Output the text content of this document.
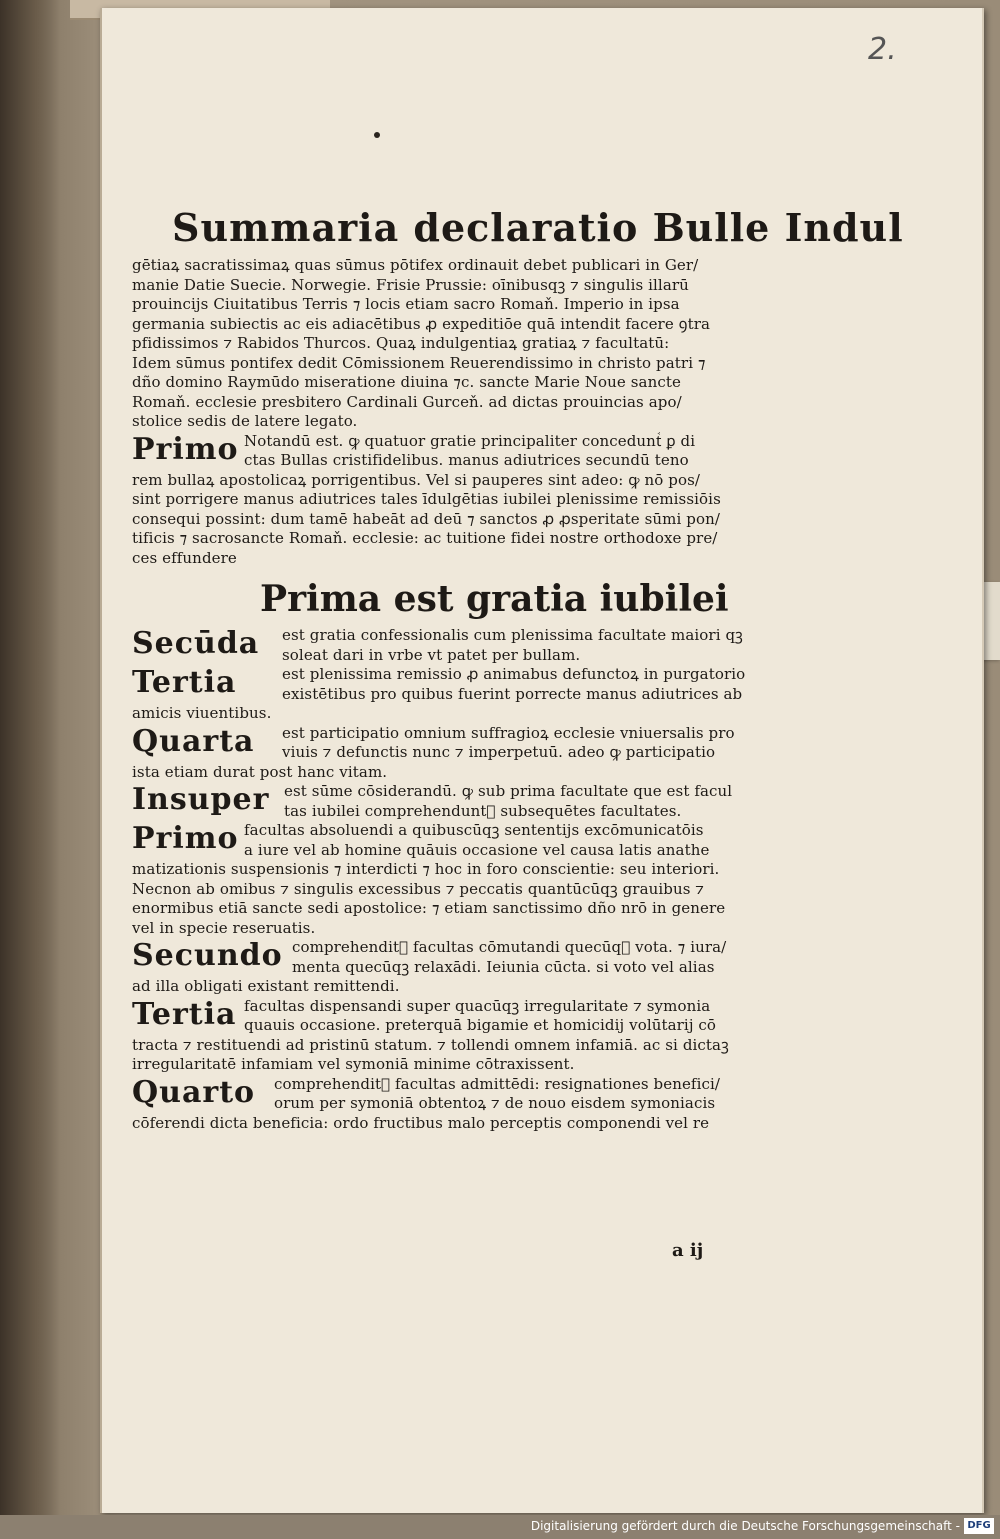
2.
Summaria declaratio Bulle Indul
gētiaꝝ sacratissimaꝝ quas sūmus pōtifex ordinauit debet publicari in Ger/
manie Datie Suecie. Norwegie. Frisie Prussie: oīnibusqꝫ ⁊ singulis illarū
prouincijs Ciuitatibus Terris ⁊ locis etiam sacro Romaň. Imperio in ipsa
germania subiectis ac eis adiacētibus ꝓ expeditiōe quā intendit facere ꝯtra
pfidissimos ⁊ Rabidos Thurcos. Quaꝝ indulgentiaꝝ gratiaꝝ ⁊ facultatū:
Idem sūmus pontifex dedit Cōmissionem Reuerendissimo in christo patri ⁊
dño domino Raymūdo miseratione diuina ⁊c. sancte Marie Noue sancte
Romaň. ecclesie presbitero Cardinali Gurceň. ad dictas prouincias apo/
stolice sedis de latere legato.
Primo Notandū est. ꝙ quatuor gratie principaliter conceduntᷣ ꝑ di
ctas Bullas cristifidelibus. manus adiutrices secundū teno
rem bullaꝝ apostolicaꝝ porrigentibus. Vel si pauperes sint adeo: ꝙ nō pos/
sint porrigere manus adiutrices tales īdulgētias iubilei plenissime remissiōis
consequi possint: dum tamē habeāt ad deū ⁊ sanctos ꝓ ꝓsperitate sūmi pon/
tificis ⁊ sacrosancte Romaň. ecclesie: ac tuitione fidei nostre orthodoxe pre/
ces effundere
Prima est gratia iubilei
Secūda	est gratia confessionalis cum plenissima facultate maiori qꝫ
soleat dari in vrbe vt patet per bullam.
Tertia	est plenissima remissio ꝓ animabus defunctoꝝ in purgatorio
existētibus pro quibus fuerint porrecte manus adiutrices ab
amicis viuentibus.
Quarta	est participatio omnium suffragioꝝ ecclesie vniuersalis pro
viuis ⁊ defunctis nunc ⁊ imperpetuū. adeo ꝙ participatio
ista etiam durat post hanc vitam.
Insuper est sūme cōsiderandū. ꝙ sub prima facultate que est facul
tas iubilei comprehenduntᷣ subsequētes facultates.
Primo facultas absoluendi a quibuscūqꝫ sententijs excōmunicatōis
a iure vel ab homine quāuis occasione vel causa latis anathe
matizationis suspensionis ⁊ interdicti ⁊ hoc in foro conscientie: seu interiori.
Necnon ab omibus ⁊ singulis excessibus ⁊ peccatis quantūcūqꝫ grauibus ⁊
enormibus etiā sancte sedi apostolice: ⁊ etiam sanctissimo dño nrō in genere
vel in specie reseruatis.
Secundo comprehenditᷣ facultas cōmutandi quecūqꝫ vota. ⁊ iura/
menta quecūqꝫ relaxādi. Ieiunia cūcta. si voto vel alias
ad illa obligati existant remittendi.
Tertia facultas dispensandi super quacūqꝫ irregularitate ⁊ symonia
quauis occasione. preterquā bigamie et homicidij volūtarij cō
tracta ⁊ restituendi ad pristinū statum. ⁊ tollendi omnem infamiā. ac si dictaꝫ
irregularitatē infamiam vel symoniā minime cōtraxissent.
Quarto	comprehenditᷣ facultas admittēdi: resignationes benefici/
orum per symoniā obtentoꝝ ⁊ de nouo eisdem symoniacis
cōferendi dicta beneficia: ordo fructibus malo perceptis componendi vel re
a ij
Digitalisierung gefördert durch die Deutsche Forschungsgemeinschaft - DFG
